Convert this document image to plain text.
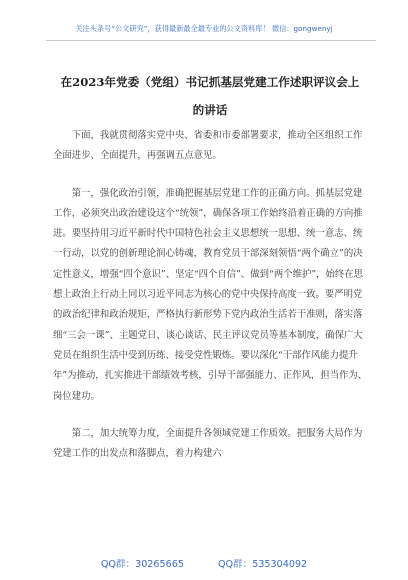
关注头条号“公文研究”，获得最新最全最专业的公文资料库！ 微信：gongwenyj
在2023年党委（党组）书记抓基层党建工作述职评议会上
的讲话

下面，我就贯彻落实党中央、省委和市委部署要求，推动全区组织工作全面进步、全面提升，再强调五点意见。

第一，强化政治引领，准确把握基层党建工作的正确方向。抓基层党建工作，必须突出政治建设这个“统领”，确保各项工作始终沿着正确的方向推进。要坚持用习近平新时代中国特色社会主义思想统一思想、统一意志、统一行动，以党的创新理论润心铸魂，教育党员干部深刻领悟“两个确立”的决定性意义，增强“四个意识”、坚定“四个自信”、做到“两个维护”，始终在思想上政治上行动上同以习近平同志为核心的党中央保持高度一致。要严明党的政治纪律和政治规矩，严格执行新形势下党内政治生活若干准则，落实落细“三会一课”、主题党日、谈心谈话、民主评议党员等基本制度，确保广大党员在组织生活中受到历练、接受党性锻炼。要以深化“干部作风能力提升年”为推动，扎实推进干部绩效考核，引导干部强能力、正作风，担当作为、岗位建功。

第二，加大统筹力度，全面提升各领域党建工作质效。把服务大局作为党建工作的出发点和落脚点，着力构建六

QQ群：30265665	QQ群：535304092
